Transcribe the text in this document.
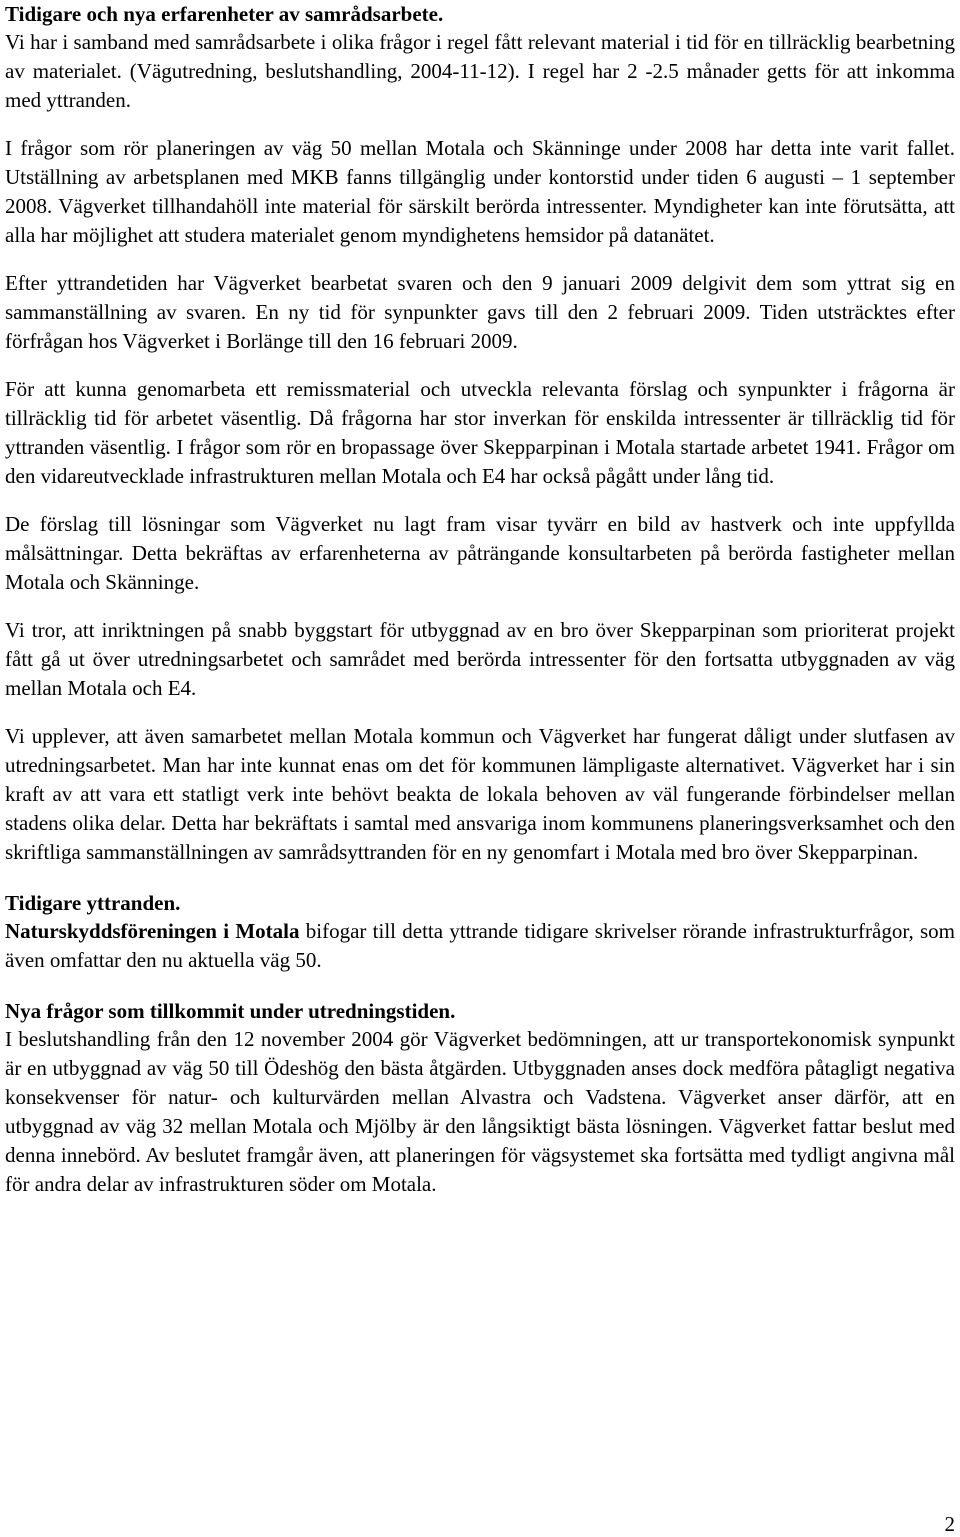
Tidigare och nya erfarenheter av samrådsarbete.

Vi har i samband med samrådsarbete i olika frågor i regel fått relevant material i tid för en tillräcklig bearbetning av materialet. (Vägutredning, beslutshandling, 2004-11-12). I regel har 2 -2.5 månader getts för att inkomma med yttranden.

I frågor som rör planeringen av väg 50 mellan Motala och Skänninge under 2008 har detta inte varit fallet. Utställning av arbetsplanen med MKB fanns tillgänglig under kontorstid under tiden 6 augusti – 1 september 2008. Vägverket tillhandahöll inte material för särskilt berörda intressenter. Myndigheter kan inte förutsätta, att alla har möjlighet att studera materialet genom myndighetens hemsidor på datanätet.

Efter yttrandetiden har Vägverket bearbetat svaren och den 9 januari 2009 delgivit dem som yttrat sig en sammanställning av svaren. En ny tid för synpunkter gavs till den 2 februari 2009. Tiden utsträcktes efter förfrågan hos Vägverket i Borlänge till den 16 februari 2009.

För att kunna genomarbeta ett remissmaterial och utveckla relevanta förslag och synpunkter i frågorna är tillräcklig tid för arbetet väsentlig. Då frågorna har stor inverkan för enskilda intressenter är tillräcklig tid för yttranden väsentlig. I frågor som rör en bropassage över Skepparpinan i Motala startade arbetet 1941. Frågor om den vidareutvecklade infrastrukturen mellan Motala och E4 har också pågått under lång tid.

De förslag till lösningar som Vägverket nu lagt fram visar tyvärr en bild av hastverk och inte uppfyllda målsättningar. Detta bekräftas av erfarenheterna av påträngande konsultarbeten på berörda fastigheter mellan Motala och Skänninge.

Vi tror, att inriktningen på snabb byggstart för utbyggnad av en bro över Skepparpinan som prioriterat projekt fått gå ut över utredningsarbetet och samrådet med berörda intressenter för den fortsatta utbyggnaden av väg mellan Motala och E4.

Vi upplever, att även samarbetet mellan Motala kommun och Vägverket har fungerat dåligt under slutfasen av utredningsarbetet. Man har inte kunnat enas om det för kommunen lämpligaste alternativet. Vägverket har i sin kraft av att vara ett statligt verk inte behövt beakta de lokala behoven av väl fungerande förbindelser mellan stadens olika delar. Detta har bekräftats i samtal med ansvariga inom kommunens planeringsverksamhet och den skriftliga sammanställningen av samrådsyttranden för en ny genomfart i Motala med bro över Skepparpinan.

Tidigare yttranden.

Naturskyddsföreningen i Motala bifogar till detta yttrande tidigare skrivelser rörande infrastrukturfrågor, som även omfattar den nu aktuella väg 50.

Nya frågor som tillkommit under utredningstiden.

I beslutshandling från den 12 november 2004 gör Vägverket bedömningen, att ur transportekonomisk synpunkt är en utbyggnad av väg 50 till Ödeshög den bästa åtgärden. Utbyggnaden anses dock medföra påtagligt negativa konsekvenser för natur- och kulturvärden mellan Alvastra och Vadstena. Vägverket anser därför, att en utbyggnad av väg 32 mellan Motala och Mjölby är den långsiktigt bästa lösningen. Vägverket fattar beslut med denna innebörd. Av beslutet framgår även, att planeringen för vägsystemet ska fortsätta med tydligt angivna mål för andra delar av infrastrukturen söder om Motala.

2
